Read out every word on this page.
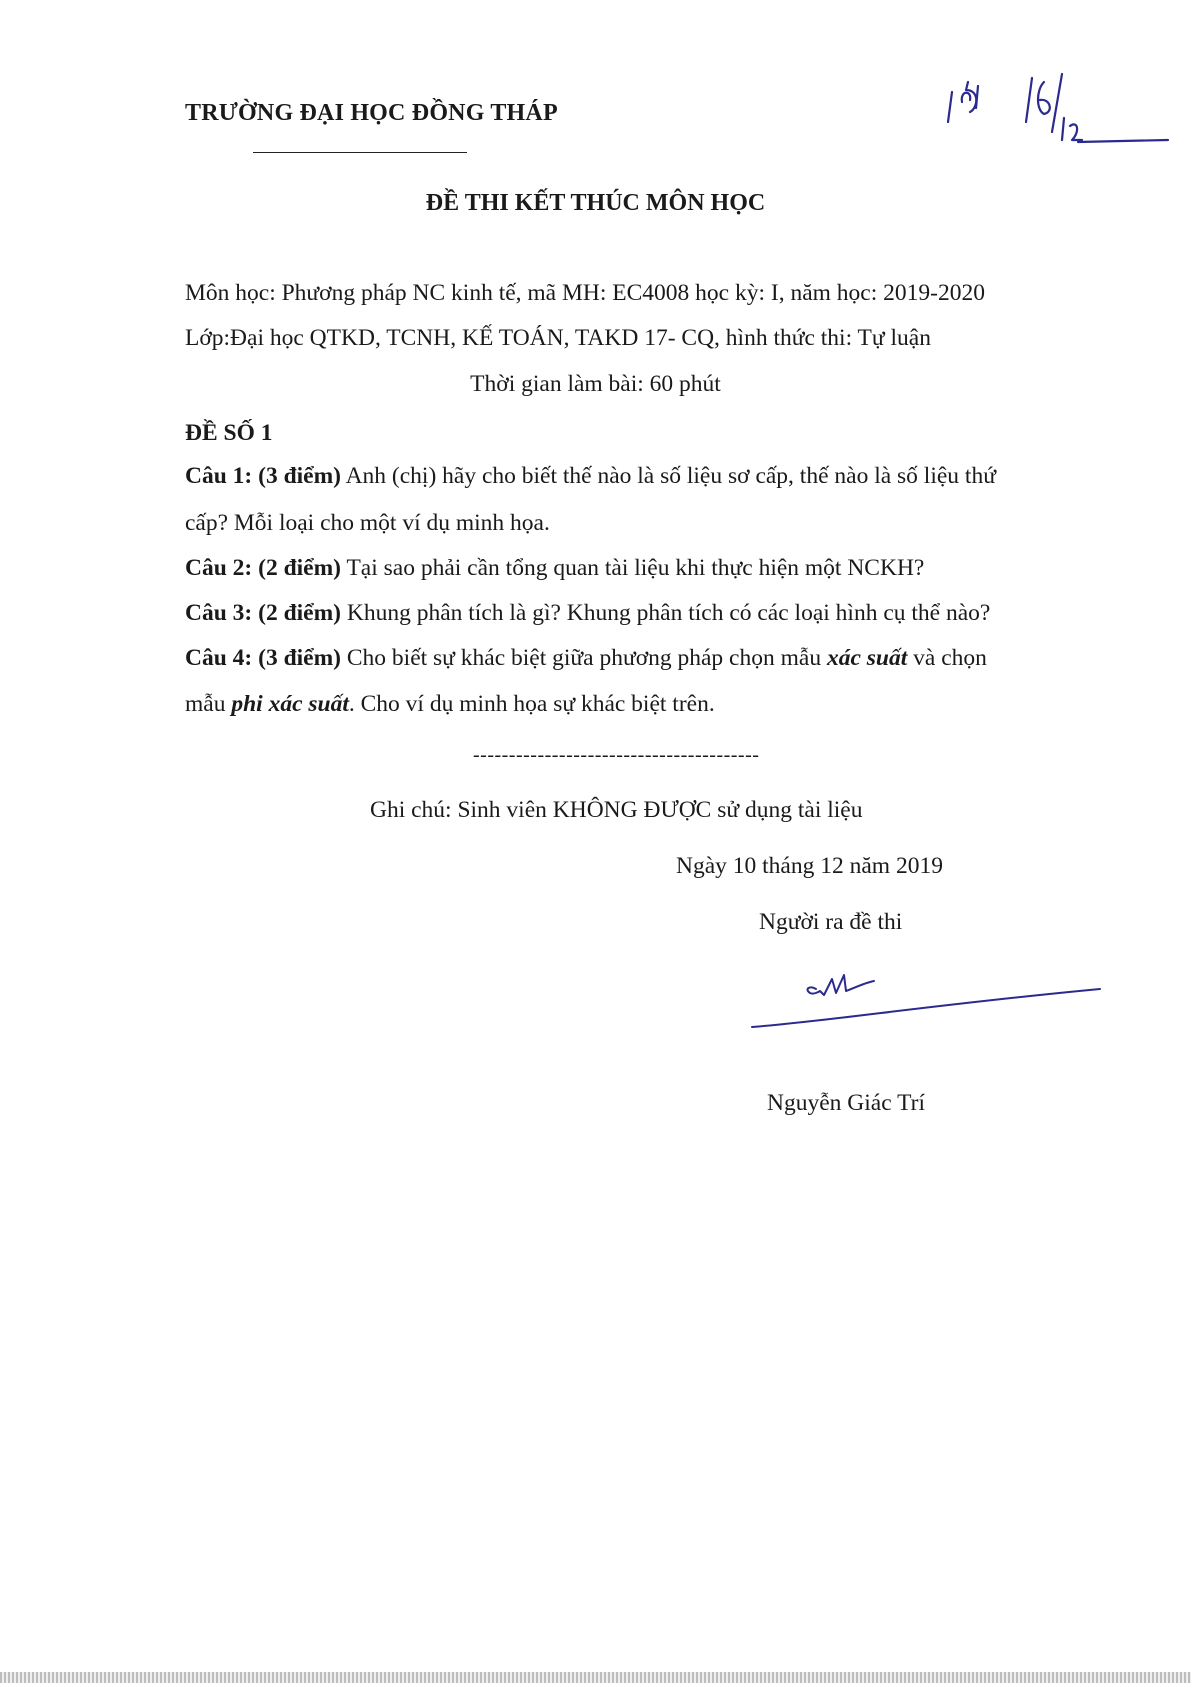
TRƯỜNG ĐẠI HỌC ĐỒNG THÁP
ĐỀ THI KẾT THÚC MÔN HỌC
Môn học: Phương pháp NC kinh tế, mã MH: EC4008 học kỳ: I, năm học: 2019-2020
Lớp:Đại học QTKD, TCNH, KẾ TOÁN, TAKD 17- CQ, hình thức thi: Tự luận
Thời gian làm bài: 60 phút
ĐỀ SỐ 1
Câu 1: (3 điểm) Anh (chị) hãy cho biết thế nào là số liệu sơ cấp, thế nào là số liệu thứ
cấp? Mỗi loại cho một ví dụ minh họa.
Câu 2: (2 điểm) Tại sao phải cần tổng quan tài liệu khi thực hiện một NCKH?
Câu 3: (2 điểm) Khung phân tích là gì? Khung phân tích có các loại hình cụ thể nào?
Câu 4: (3 điểm) Cho biết sự khác biệt giữa phương pháp chọn mẫu xác suất và chọn
mẫu phi xác suất. Cho ví dụ minh họa sự khác biệt trên.
----------------------------------------
Ghi chú: Sinh viên KHÔNG ĐƯỢC sử dụng tài liệu
Ngày 10 tháng 12 năm 2019
Người ra đề thi
Nguyễn Giác Trí
